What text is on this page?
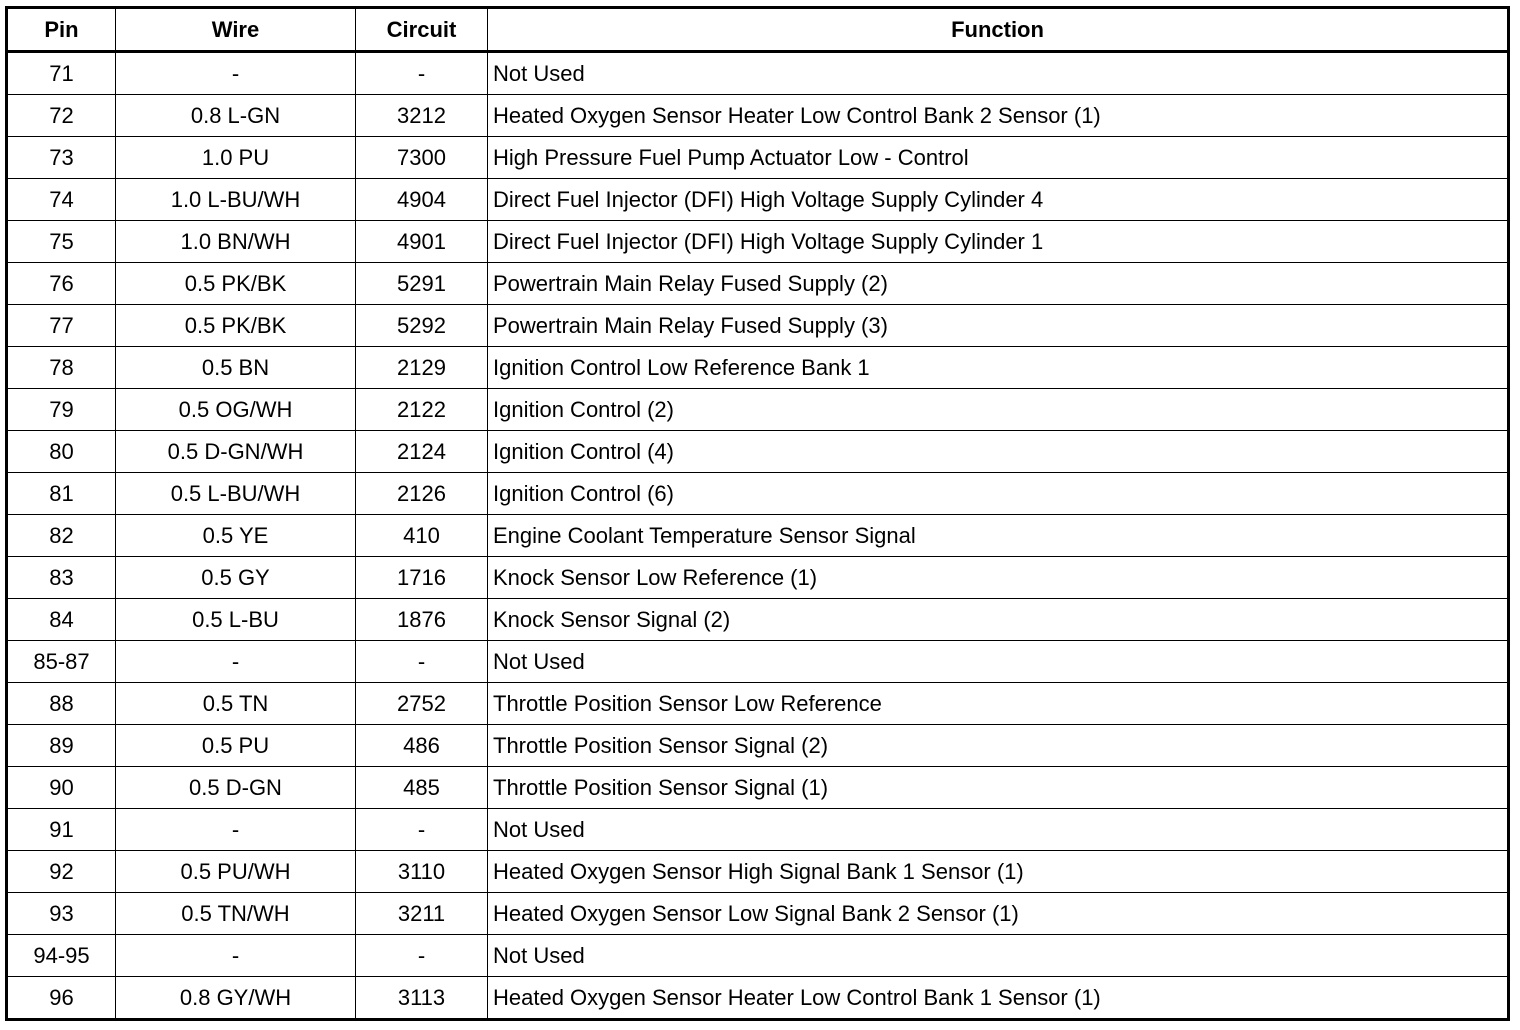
Pin	Wire	Circuit	Function
71	-	-	Not Used
72	0.8 L-GN	3212	Heated Oxygen Sensor Heater Low Control Bank 2 Sensor (1)
73	1.0 PU	7300	High Pressure Fuel Pump Actuator Low - Control
74	1.0 L-BU/WH	4904	Direct Fuel Injector (DFI) High Voltage Supply Cylinder 4
75	1.0 BN/WH	4901	Direct Fuel Injector (DFI) High Voltage Supply Cylinder 1
76	0.5 PK/BK	5291	Powertrain Main Relay Fused Supply (2)
77	0.5 PK/BK	5292	Powertrain Main Relay Fused Supply (3)
78	0.5 BN	2129	Ignition Control Low Reference Bank 1
79	0.5 OG/WH	2122	Ignition Control (2)
80	0.5 D-GN/WH	2124	Ignition Control (4)
81	0.5 L-BU/WH	2126	Ignition Control (6)
82	0.5 YE	410	Engine Coolant Temperature Sensor Signal
83	0.5 GY	1716	Knock Sensor Low Reference (1)
84	0.5 L-BU	1876	Knock Sensor Signal (2)
85-87	-	-	Not Used
88	0.5 TN	2752	Throttle Position Sensor Low Reference
89	0.5 PU	486	Throttle Position Sensor Signal (2)
90	0.5 D-GN	485	Throttle Position Sensor Signal (1)
91	-	-	Not Used
92	0.5 PU/WH	3110	Heated Oxygen Sensor High Signal Bank 1 Sensor (1)
93	0.5 TN/WH	3211	Heated Oxygen Sensor Low Signal Bank 2 Sensor (1)
94-95	-	-	Not Used
96	0.8 GY/WH	3113	Heated Oxygen Sensor Heater Low Control Bank 1 Sensor (1)
